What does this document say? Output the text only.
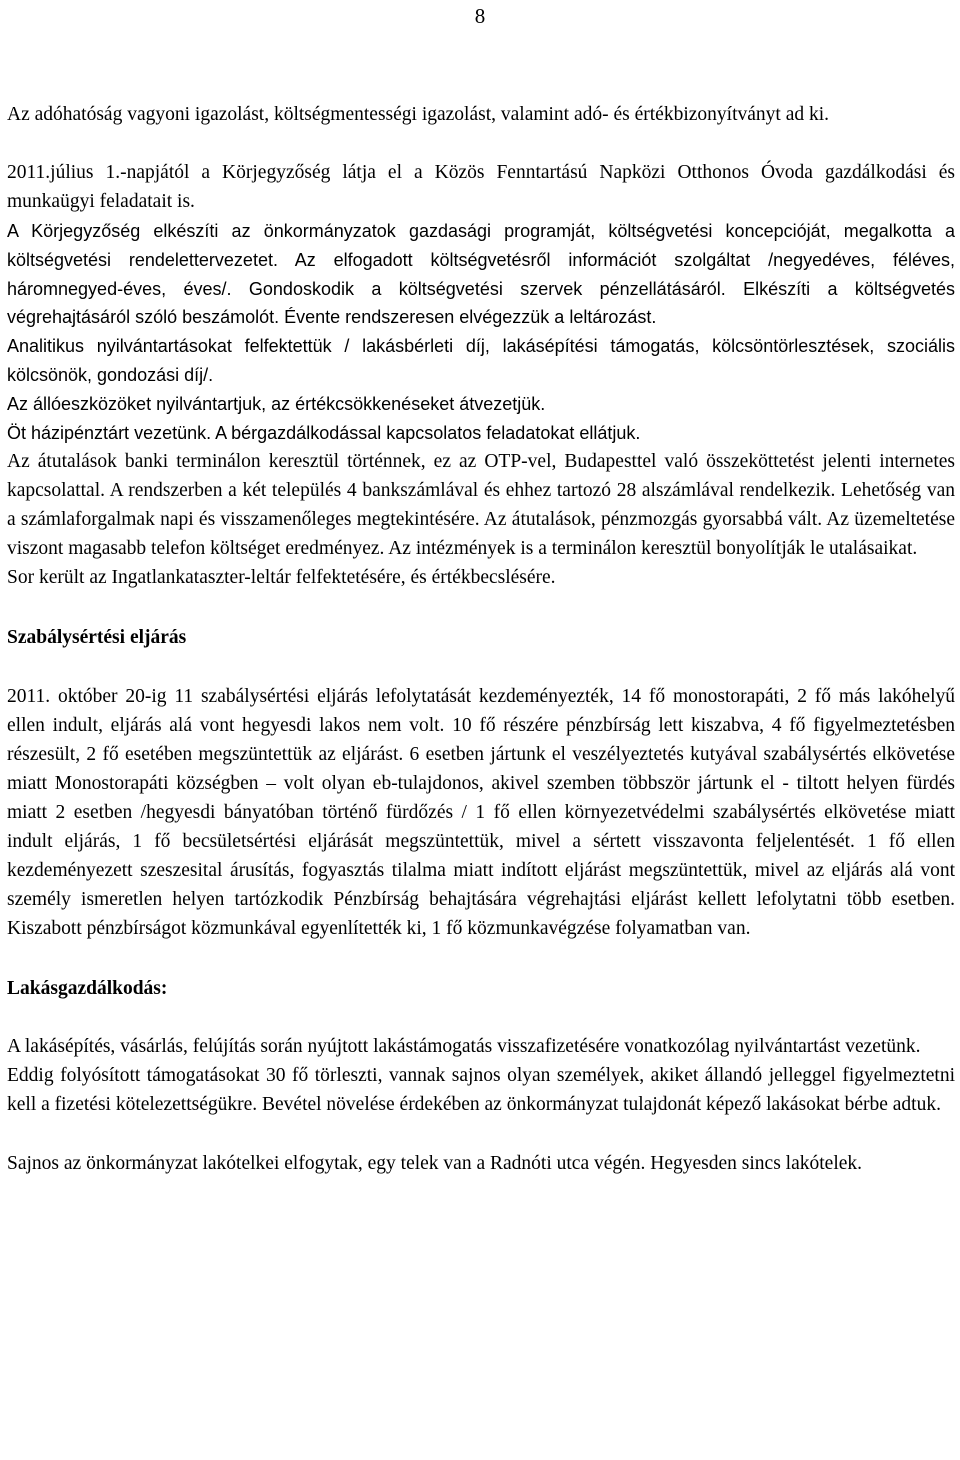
8

Az adóhatóság vagyoni igazolást, költségmentességi igazolást, valamint adó- és értékbizonyítványt ad ki.

2011.július 1.-napjától a Körjegyzőség látja el a Közös Fenntartású Napközi Otthonos Óvoda gazdálkodási és munkaügyi feladatait is.

A Körjegyzőség elkészíti az önkormányzatok gazdasági programját, költségvetési koncepcióját, megalkotta a költségvetési rendelettervezetet. Az elfogadott költségvetésről információt szolgáltat /negyedéves, féléves, háromnegyed-éves, éves/. Gondoskodik a költségvetési szervek pénzellátásáról. Elkészíti a költségvetés végrehajtásáról szóló beszámolót. Évente rendszeresen elvégezzük a leltározást.

Analitikus nyilvántartásokat felfektettük / lakásbérleti díj, lakásépítési támogatás, kölcsöntörlesztések, szociális kölcsönök, gondozási díj/.

Az állóeszközöket nyilvántartjuk, az értékcsökkenéseket átvezetjük.

Öt házipénztárt vezetünk. A bérgazdálkodással kapcsolatos feladatokat ellátjuk.

Az átutalások banki terminálon keresztül történnek, ez az OTP-vel, Budapesttel való összeköttetést jelenti internetes kapcsolattal. A rendszerben a két település 4 bankszámlával és ehhez tartozó 28 alszámlával rendelkezik. Lehetőség van a számlaforgalmak napi és visszamenőleges megtekintésére. Az átutalások, pénzmozgás gyorsabbá vált. Az üzemeltetése viszont magasabb telefon költséget eredményez. Az intézmények is a terminálon keresztül bonyolítják le utalásaikat.

Sor került az Ingatlankataszter-leltár felfektetésére, és értékbecslésére.

Szabálysértési eljárás

2011. október 20-ig 11 szabálysértési eljárás lefolytatását kezdeményezték, 14 fő monostorapáti, 2 fő más lakóhelyű ellen indult, eljárás alá vont hegyesdi lakos nem volt. 10 fő részére pénzbírság lett kiszabva, 4 fő figyelmeztetésben részesült, 2 fő esetében megszüntettük az eljárást. 6 esetben jártunk el veszélyeztetés kutyával szabálysértés elkövetése miatt Monostorapáti községben – volt olyan eb-tulajdonos, akivel szemben többször jártunk el - tiltott helyen fürdés miatt 2 esetben /hegyesdi bányatóban történő fürdőzés / 1 fő ellen környezetvédelmi szabálysértés elkövetése miatt indult eljárás, 1 fő becsületsértési eljárását megszüntettük, mivel a sértett visszavonta feljelentését. 1 fő ellen kezdeményezett szeszesital árusítás, fogyasztás tilalma miatt indított eljárást megszüntettük, mivel az eljárás alá vont személy ismeretlen helyen tartózkodik Pénzbírság behajtására végrehajtási eljárást kellett lefolytatni több esetben. Kiszabott pénzbírságot közmunkával egyenlítették ki, 1 fő közmunkavégzése folyamatban van.

Lakásgazdálkodás:

A lakásépítés, vásárlás, felújítás során nyújtott lakástámogatás visszafizetésére vonatkozólag nyilvántartást vezetünk.

Eddig folyósított támogatásokat 30 fő törleszti, vannak sajnos olyan személyek, akiket állandó jelleggel figyelmeztetni kell a fizetési kötelezettségükre. Bevétel növelése érdekében az önkormányzat tulajdonát képező lakásokat bérbe adtuk.

Sajnos az önkormányzat lakótelkei elfogytak, egy telek van a Radnóti utca végén. Hegyesden sincs lakótelek.
